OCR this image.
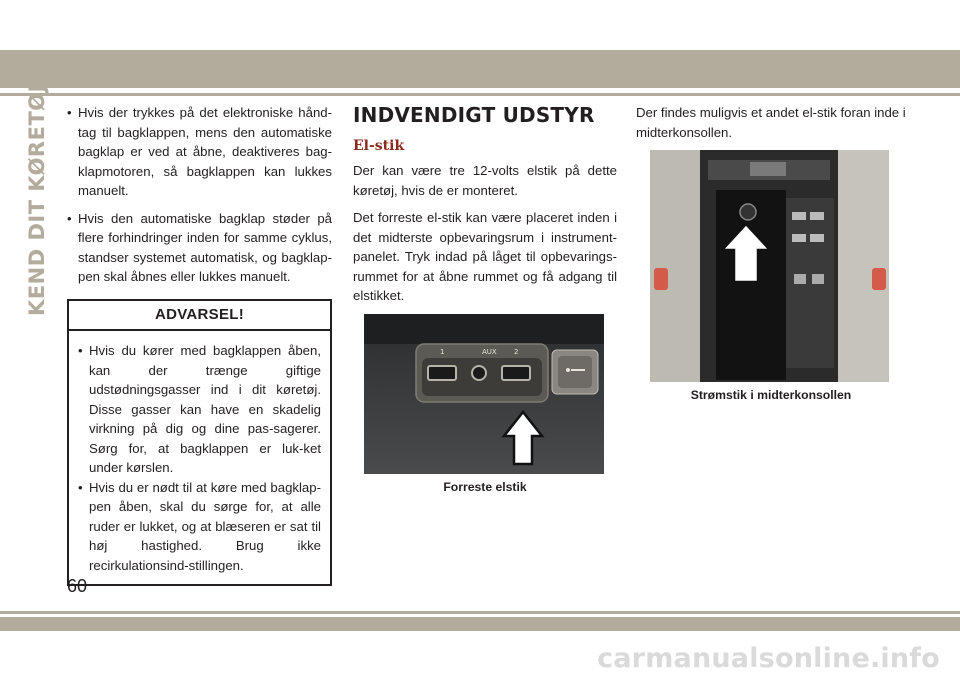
KEND DIT KØRETØJ
•	Hvis der trykkes på det elektroniske hånd-tag til bagklappen, mens den automatiske bagklap er ved at åbne, deaktiveres bag-klapmotoren, så bagklappen kan lukkes manuelt.
• Hvis den automatiske bagklap støder på flere forhindringer inden for samme cyklus, standser systemet automatisk, og bagklap-pen skal åbnes eller lukkes manuelt.
ADVARSEL!
• Hvis du kører med bagklappen åben, kan der trænge giftige udstødningsgasser ind i dit køretøj. Disse gasser kan have en skadelig virkning på dig og dine pas-sagerer. Sørg for, at bagklappen er luk-ket under kørslen.
• Hvis du er nødt til at køre med bagklap-pen åben, skal du sørge for, at alle ruder er lukket, og at blæseren er sat til høj hastighed. Brug ikke recirkulationsind-stillingen.
INDVENDIGT UDSTYR
El-stik

Der kan være tre 12-volts elstik på dette køretøj, hvis de er monteret.

Det forreste el-stik kan være placeret inden i det midterste opbevaringsrum i instrument-panelet. Tryk indad på låget til opbevarings-rummet for at åbne rummet og få adgang til elstikket.

1	AUX 2
Forreste elstik

Der findes muligvis et andet el-stik foran inde i midterkonsollen.

Strømstik i midterkonsollen
60
carmanualsonline.info
